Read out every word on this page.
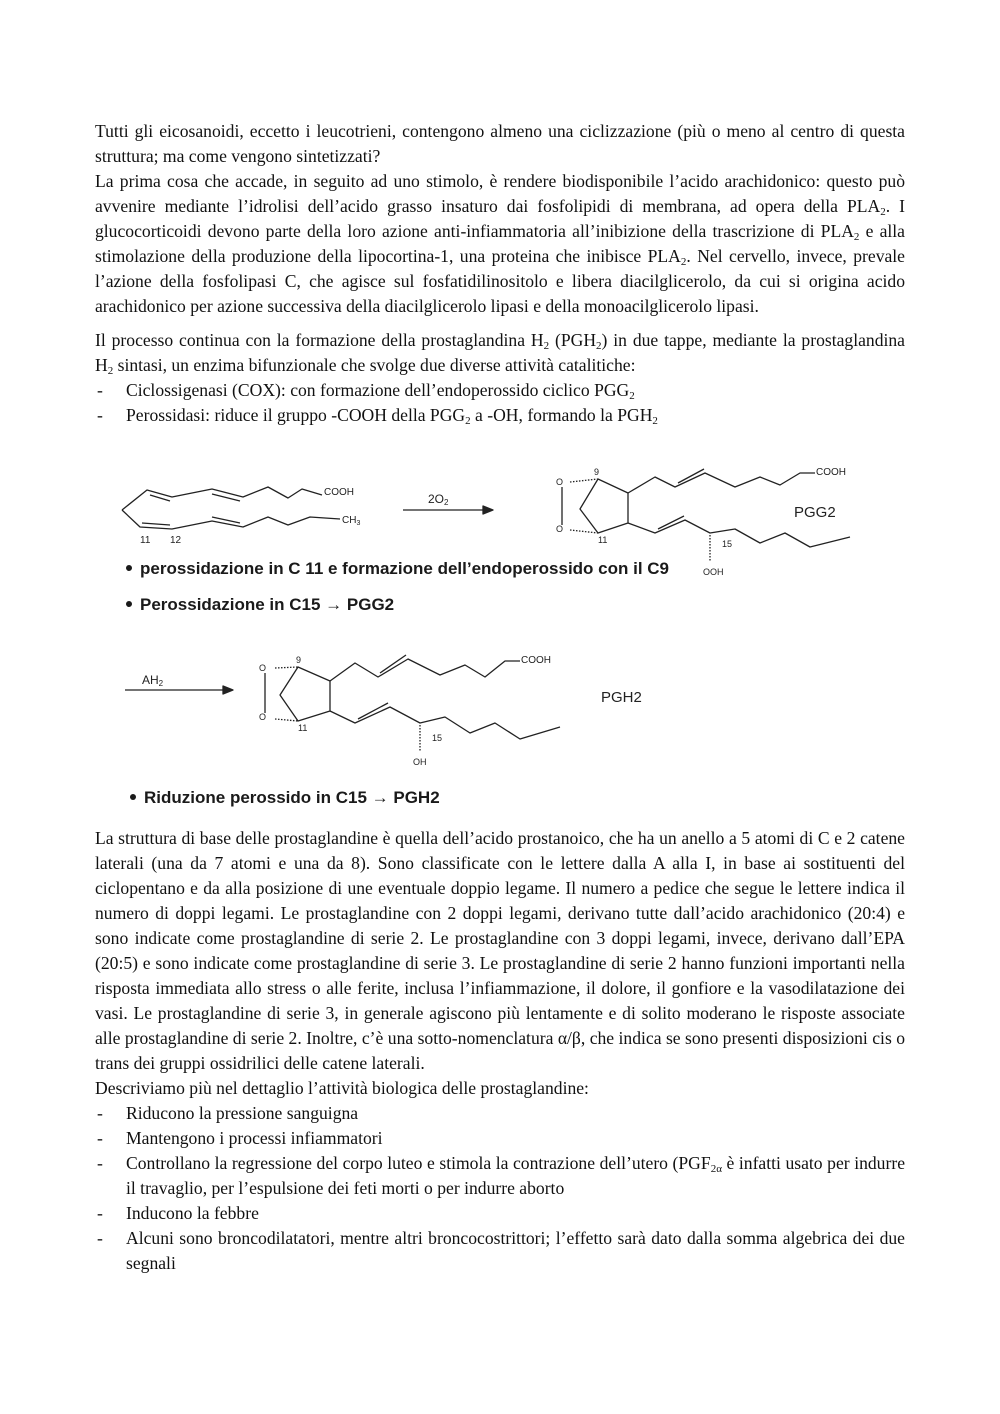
Tutti gli eicosanoidi, eccetto i leucotrieni, contengono almeno una ciclizzazione (più o meno al centro di questa struttura; ma come vengono sintetizzati?

La prima cosa che accade, in seguito ad uno stimolo, è rendere biodisponibile l’acido arachidonico: questo può avvenire mediante l’idrolisi dell’acido grasso insaturo dai fosfolipidi di membrana, ad opera della $PLA_2$. I glucocorticoidi devono parte della loro azione anti-infiammatoria all’inibizione della trascrizione di $PLA_2$ e alla stimolazione della produzione della lipocortina-1, una proteina che inibisce $PLA_2$. Nel cervello, invece, prevale l’azione della fosfolipasi C, che agisce sul fosfatidilinositolo e libera diacilglicerolo, da cui si origina acido arachidonico per azione successiva della diacilglicerolo lipasi e della monoacilglicerolo lipasi.

Il processo continua con la formazione della prostaglandina $H_2$ $(PGH_2)$ in due tappe, mediante la prostaglandina $H_2$ sintasi, un enzima bifunzionale che svolge due diverse attività catalitiche:

- Ciclossigenasi (COX): con formazione dell’endoperossido ciclico $PGG_2$
- Perossidasi: riduce il gruppo -COOH della $PGG_2$ a -OH, formando la $PGH_2$
COOH
$CH_3$
11 12
2O2
9
11	15
COOH
OOH
O
O
PGG2
AH2
9
11
15
COOH
OH
O
O
PGH2
perossidazione in C 11 e formazione dell’endoperossido con il C9
Perossidazione in C15 → PGG2
Riduzione perossido in C15 → PGH2

La struttura di base delle prostaglandine è quella dell’acido prostanoico, che ha un anello a 5 atomi di C e 2 catene laterali (una da 7 atomi e una da 8). Sono classificate con le lettere dalla A alla I, in base ai sostituenti del ciclopentano e da alla posizione di une eventuale doppio legame. Il numero a pedice che segue le lettere indica il numero di doppi legami. Le prostaglandine con 2 doppi legami, derivano tutte dall’acido arachidonico (20:4) e sono indicate come prostaglandine di serie 2. Le prostaglandine con 3 doppi legami, invece, derivano dall’EPA (20:5) e sono indicate come prostaglandine di serie 3. Le prostaglandine di serie 2 hanno funzioni importanti nella risposta immediata allo stress o alle ferite, inclusa l’infiammazione, il dolore, il gonfiore e la vasodilatazione dei vasi. Le prostaglandine di serie 3, in generale agiscono più lentamente e di solito moderano le risposte associate alle prostaglandine di serie 2. Inoltre, c’è una sotto-nomenclatura α/β, che indica se sono presenti disposizioni cis o trans dei gruppi ossidrilici delle catene laterali.

Descriviamo più nel dettaglio l’attività biologica delle prostaglandine:

- Riducono la pressione sanguigna
- Mantengono i processi infiammatori
- Controllano la regressione del corpo luteo e stimola la contrazione dell’utero ($PGF_{2\alpha}$ è infatti usato per indurre il travaglio, per l’espulsione dei feti morti o per indurre aborto
- Inducono la febbre
- Alcuni sono broncodilatatori, mentre altri broncocostrittori; l’effetto sarà dato dalla somma algebrica dei due segnali
